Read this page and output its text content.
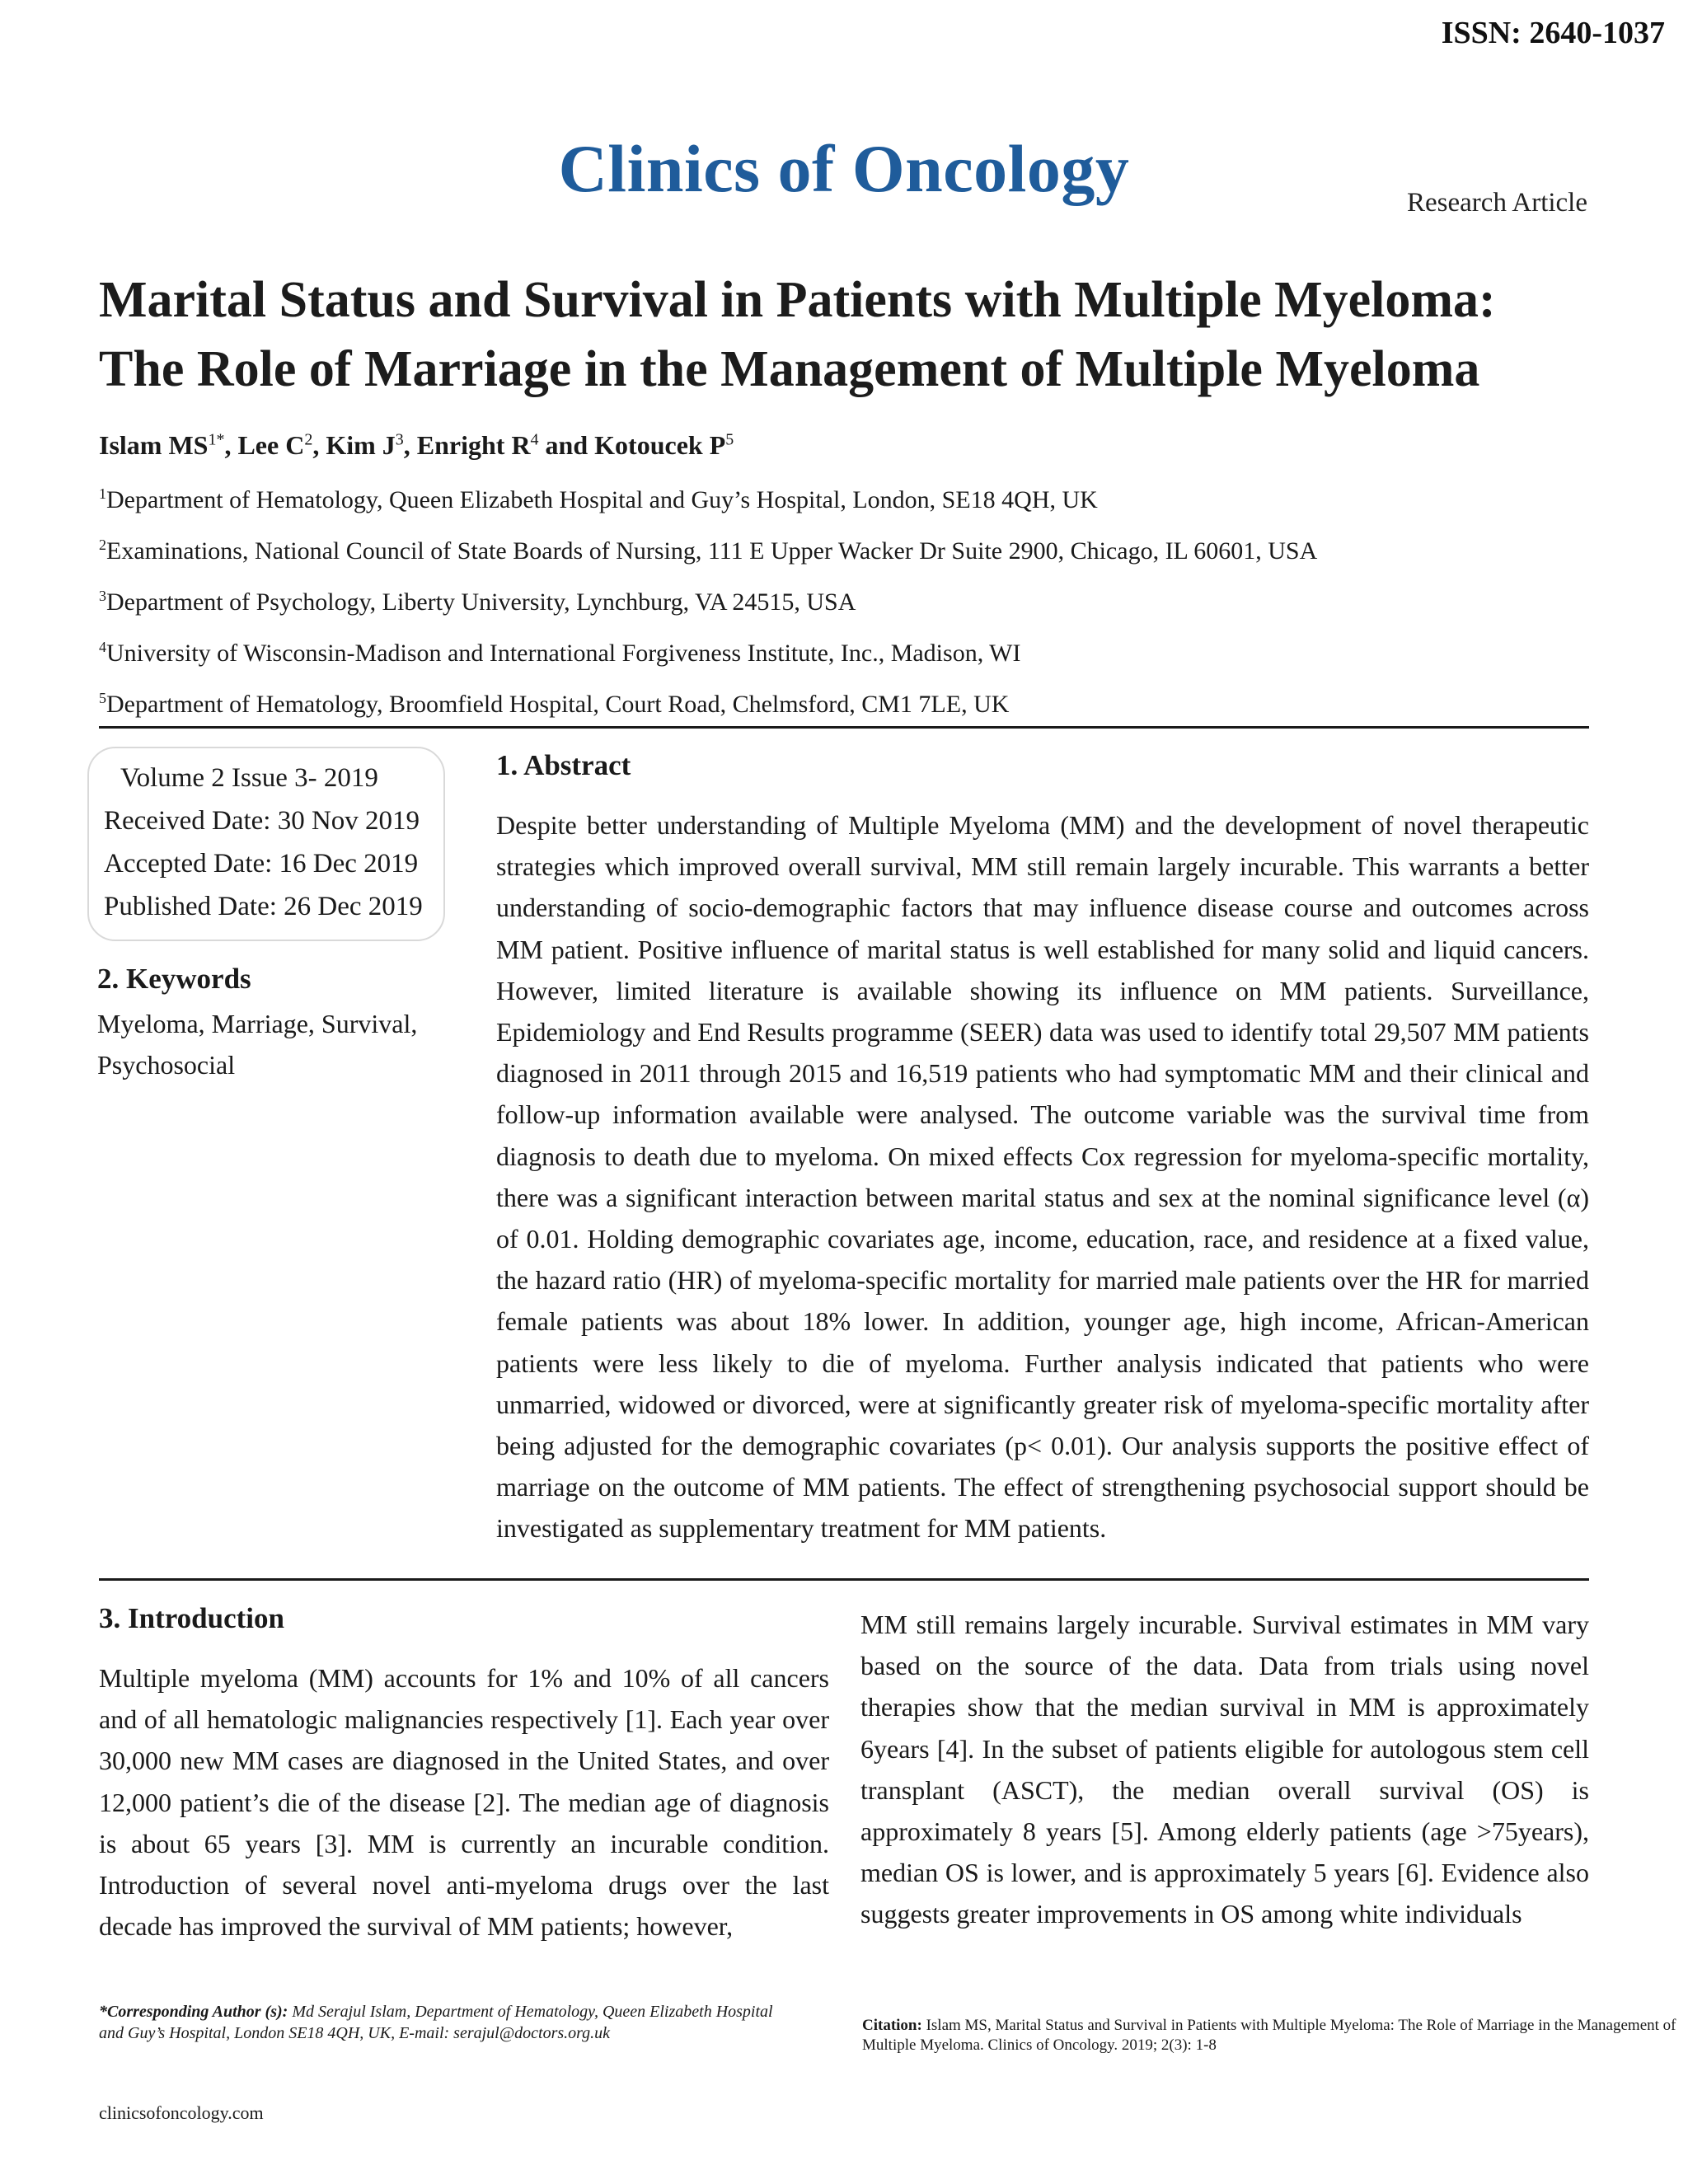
ISSN: 2640-1037
Clinics of Oncology	Research Article
Marital Status and Survival in Patients with Multiple Myeloma:
The Role of Marriage in the Management of Multiple Myeloma
Islam $MS^{1*}$, Lee $C^2$, Kim $J^3$, Enright $R^4$ and Kotoucek $P^5$
$^1$Department of Hematology, Queen Elizabeth Hospital and Guy’s Hospital, London, SE18 4QH, UK
$^2$Examinations, National Council of State Boards of Nursing, 111 E Upper Wacker Dr Suite 2900, Chicago, IL 60601, USA
$^3$Department of Psychology, Liberty University, Lynchburg, VA 24515, USA
$^4$University of Wisconsin-Madison and International Forgiveness Institute, Inc., Madison, WI
$^5$Department of Hematology, Broomfield Hospital, Court Road, Chelmsford, CM1 7LE, UK
Volume 2 Issue 3- 2019
Received Date: 30 Nov 2019
Accepted Date: 16 Dec 2019
Published Date: 26 Dec 2019
2. Keywords
Myeloma, Marriage, Survival, Psychosocial
1. Abstract
Despite better understanding of Multiple Myeloma (MM) and the development of novel therapeutic strategies which improved overall survival, MM still remain largely incurable. This warrants a better understanding of socio-demographic factors that may influence disease course and outcomes across MM patient. Positive influence of marital status is well established for many solid and liquid cancers. However, limited literature is available showing its influence on MM patients. Surveillance, Epidemiology and End Results programme (SEER) data was used to identify total 29,507 MM patients diagnosed in 2011 through 2015 and 16,519 patients who had symptomatic MM and their clinical and follow-up information available were analysed. The outcome variable was the survival time from diagnosis to death due to myeloma. On mixed effects Cox regression for myeloma-specific mortality, there was a significant interaction between marital status and sex at the nominal significance level (α) of 0.01. Holding demographic covariates age, income, education, race, and residence at a fixed value, the hazard ratio (HR) of myeloma-specific mortality for married male patients over the HR for married female patients was about 18% lower. In addition, younger age, high income, African-American patients were less likely to die of myeloma. Further analysis indicated that patients who were unmarried, widowed or divorced, were at significantly greater risk of myeloma-specific mortality after being adjusted for the demographic covariates (p< 0.01). Our analysis supports the positive effect of marriage on the outcome of MM patients. The effect of strengthening psychosocial support should be investigated as supplementary treatment for MM patients.
3. Introduction
Multiple myeloma (MM) accounts for 1% and 10% of all cancers and of all hematologic malignancies respectively [1]. Each year over 30,000 new MM cases are diagnosed in the United States, and over 12,000 patient’s die of the disease [2]. The median age of diagnosis is about 65 years [3]. MM is currently an incurable condition. Introduction of several novel anti-myeloma drugs over the last decade has improved the survival of MM patients; however,
MM still remains largely incurable. Survival estimates in MM vary based on the source of the data. Data from trials using novel therapies show that the median survival in MM is approximately 6years [4]. In the subset of patients eligible for autologous stem cell transplant (ASCT), the median overall survival (OS) is approximately 8 years [5]. Among elderly patients (age >75years), median OS is lower, and is approximately 5 years [6]. Evidence also suggests greater improvements in OS among white individuals
*Corresponding Author (s): Md Serajul Islam, Department of Hematology, Queen Elizabeth Hospital and Guy’s Hospital, London SE18 4QH, UK, E-mail: serajul@doctors.org.uk	Citation: Islam MS, Marital Status and Survival in Patients with Multiple Myeloma: The Role of Marriage in the Management of Multiple Myeloma. Clinics of Oncology. 2019; 2(3): 1-8
clinicsofoncology.com
